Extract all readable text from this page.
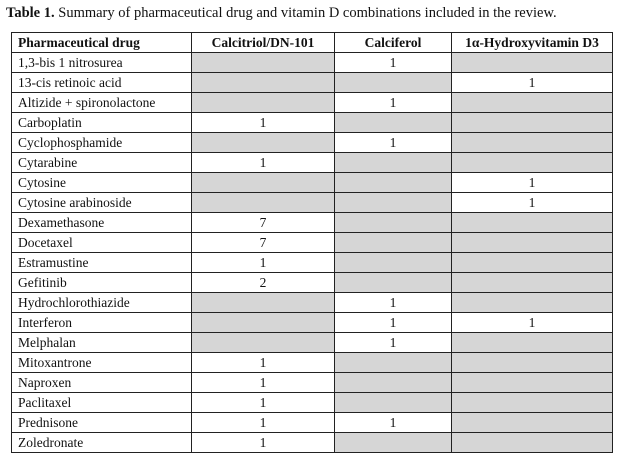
Table 1. Summary of pharmaceutical drug and vitamin D combinations included in the review.
Pharmaceutical drug	Calcitriol/DN-101	Calciferol	1α-Hydroxyvitamin D3
1,3-bis 1 nitrosurea		1	
13-cis retinoic acid			1
Altizide + spironolactone		1	
Carboplatin	1		
Cyclophosphamide		1	
Cytarabine	1		
Cytosine			1
Cytosine arabinoside			1
Dexamethasone	7		
Docetaxel	7		
Estramustine	1		
Gefitinib	2		
Hydrochlorothiazide		1	
Interferon		1	1
Melphalan		1	
Mitoxantrone	1		
Naproxen	1		
Paclitaxel	1		
Prednisone	1	1	
Zoledronate	1		
